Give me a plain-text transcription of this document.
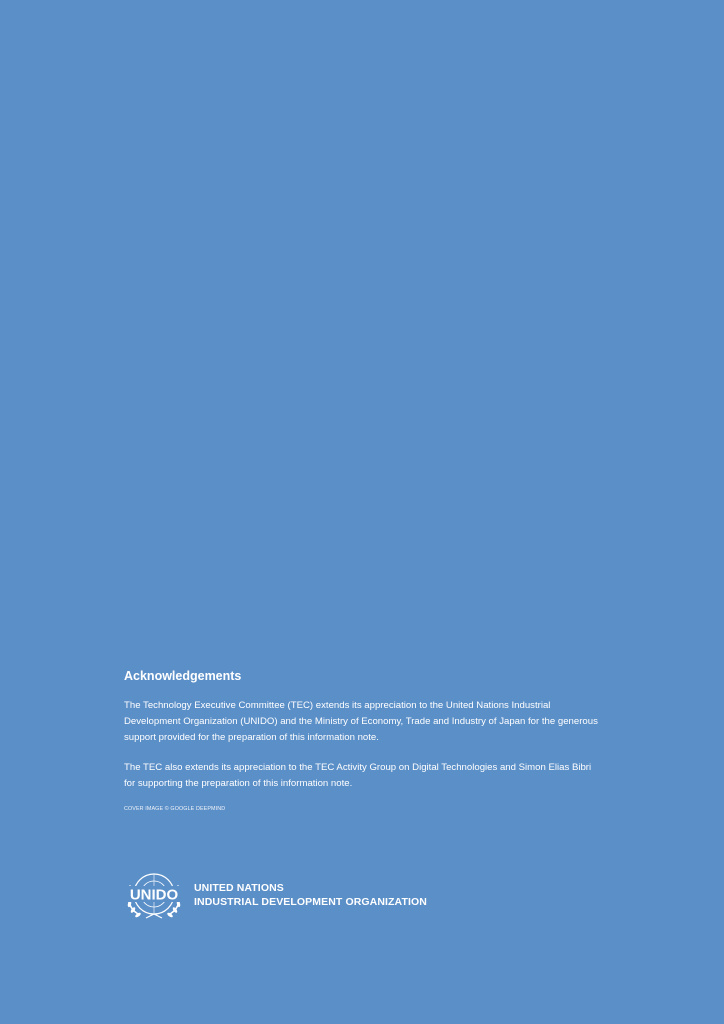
Acknowledgements

The Technology Executive Committee (TEC) extends its appreciation to the United Nations Industrial Development Organization (UNIDO) and the Ministry of Economy, Trade and Industry of Japan for the generous support provided for the preparation of this information note.

The TEC also extends its appreciation to the TEC Activity Group on Digital Technologies and Simon Elias Bibri for supporting the preparation of this information note.

COVER IMAGE © GOOGLE DEEPMIND
UNIDO UNITED NATIONS
INDUSTRIAL DEVELOPMENT ORGANIZATION
